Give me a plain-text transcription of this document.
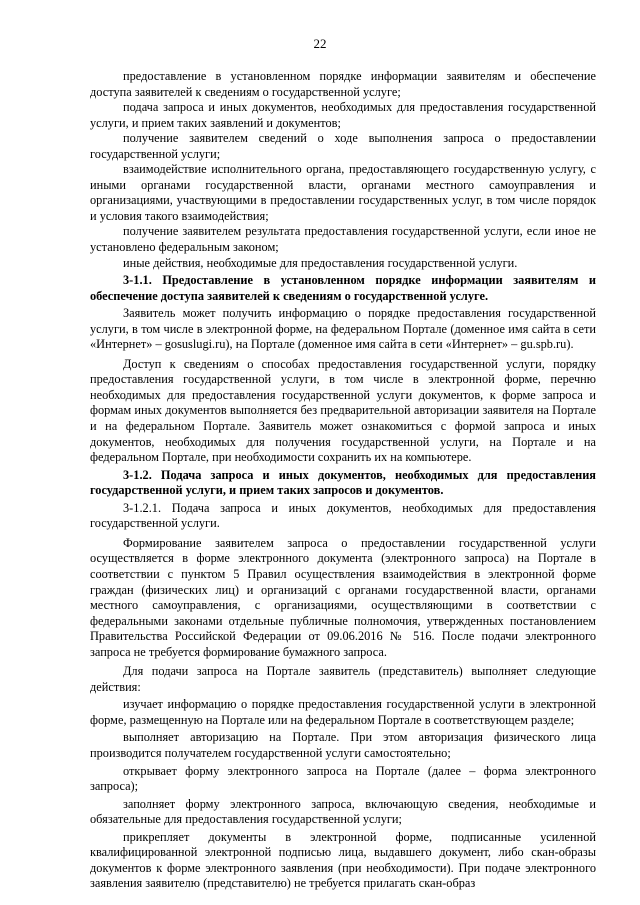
22

предоставление в установленном порядке информации заявителям и обеспечение доступа заявителей к сведениям о государственной услуге;

подача запроса и иных документов, необходимых для предоставления государственной услуги, и прием таких заявлений и документов;

получение заявителем сведений о ходе выполнения запроса о предоставлении государственной услуги;

взаимодействие исполнительного органа, предоставляющего государственную услугу, с иными органами государственной власти, органами местного самоуправления и организациями, участвующими в предоставлении государственных услуг, в том числе порядок и условия такого взаимодействия;

получение заявителем результата предоставления государственной услуги, если иное не установлено федеральным законом;

иные действия, необходимые для предоставления государственной услуги.

3-1.1. Предоставление в установленном порядке информации заявителям и обеспечение доступа заявителей к сведениям о государственной услуге.

Заявитель может получить информацию о порядке предоставления государственной услуги, в том числе в электронной форме, на федеральном Портале (доменное имя сайта в сети «Интернет» – gosuslugi.ru), на Портале (доменное имя сайта в сети «Интернет» – gu.spb.ru).

Доступ к сведениям о способах предоставления государственной услуги, порядку предоставления государственной услуги, в том числе в электронной форме, перечню необходимых для предоставления государственной услуги документов, к форме запроса и формам иных документов выполняется без предварительной авторизации заявителя на Портале и на федеральном Портале. Заявитель может ознакомиться с формой запроса и иных документов, необходимых для получения государственной услуги, на Портале и на федеральном Портале, при необходимости сохранить их на компьютере.

3-1.2. Подача запроса и иных документов, необходимых для предоставления государственной услуги, и прием таких запросов и документов.

3-1.2.1. Подача запроса и иных документов, необходимых для предоставления государственной услуги.

Формирование заявителем запроса о предоставлении государственной услуги осуществляется в форме электронного документа (электронного запроса) на Портале в соответствии с пунктом 5 Правил осуществления взаимодействия в электронной форме граждан (физических лиц) и организаций с органами государственной власти, органами местного самоуправления, с организациями, осуществляющими в соответствии с федеральными законами отдельные публичные полномочия, утвержденных постановлением Правительства Российской Федерации от 09.06.2016 № 516. После подачи электронного запроса не требуется формирование бумажного запроса.

Для подачи запроса на Портале заявитель (представитель) выполняет следующие действия:

изучает информацию о порядке предоставления государственной услуги в электронной форме, размещенную на Портале или на федеральном Портале в соответствующем разделе;

выполняет авторизацию на Портале. При этом авторизация физического лица производится получателем государственной услуги самостоятельно;

открывает форму электронного запроса на Портале (далее – форма электронного запроса);

заполняет форму электронного запроса, включающую сведения, необходимые и обязательные для предоставления государственной услуги;

прикрепляет документы в электронной форме, подписанные усиленной квалифицированной электронной подписью лица, выдавшего документ, либо скан-образы документов к форме электронного заявления (при необходимости). При подаче электронного заявления заявителю (представителю) не требуется прилагать скан-образ
